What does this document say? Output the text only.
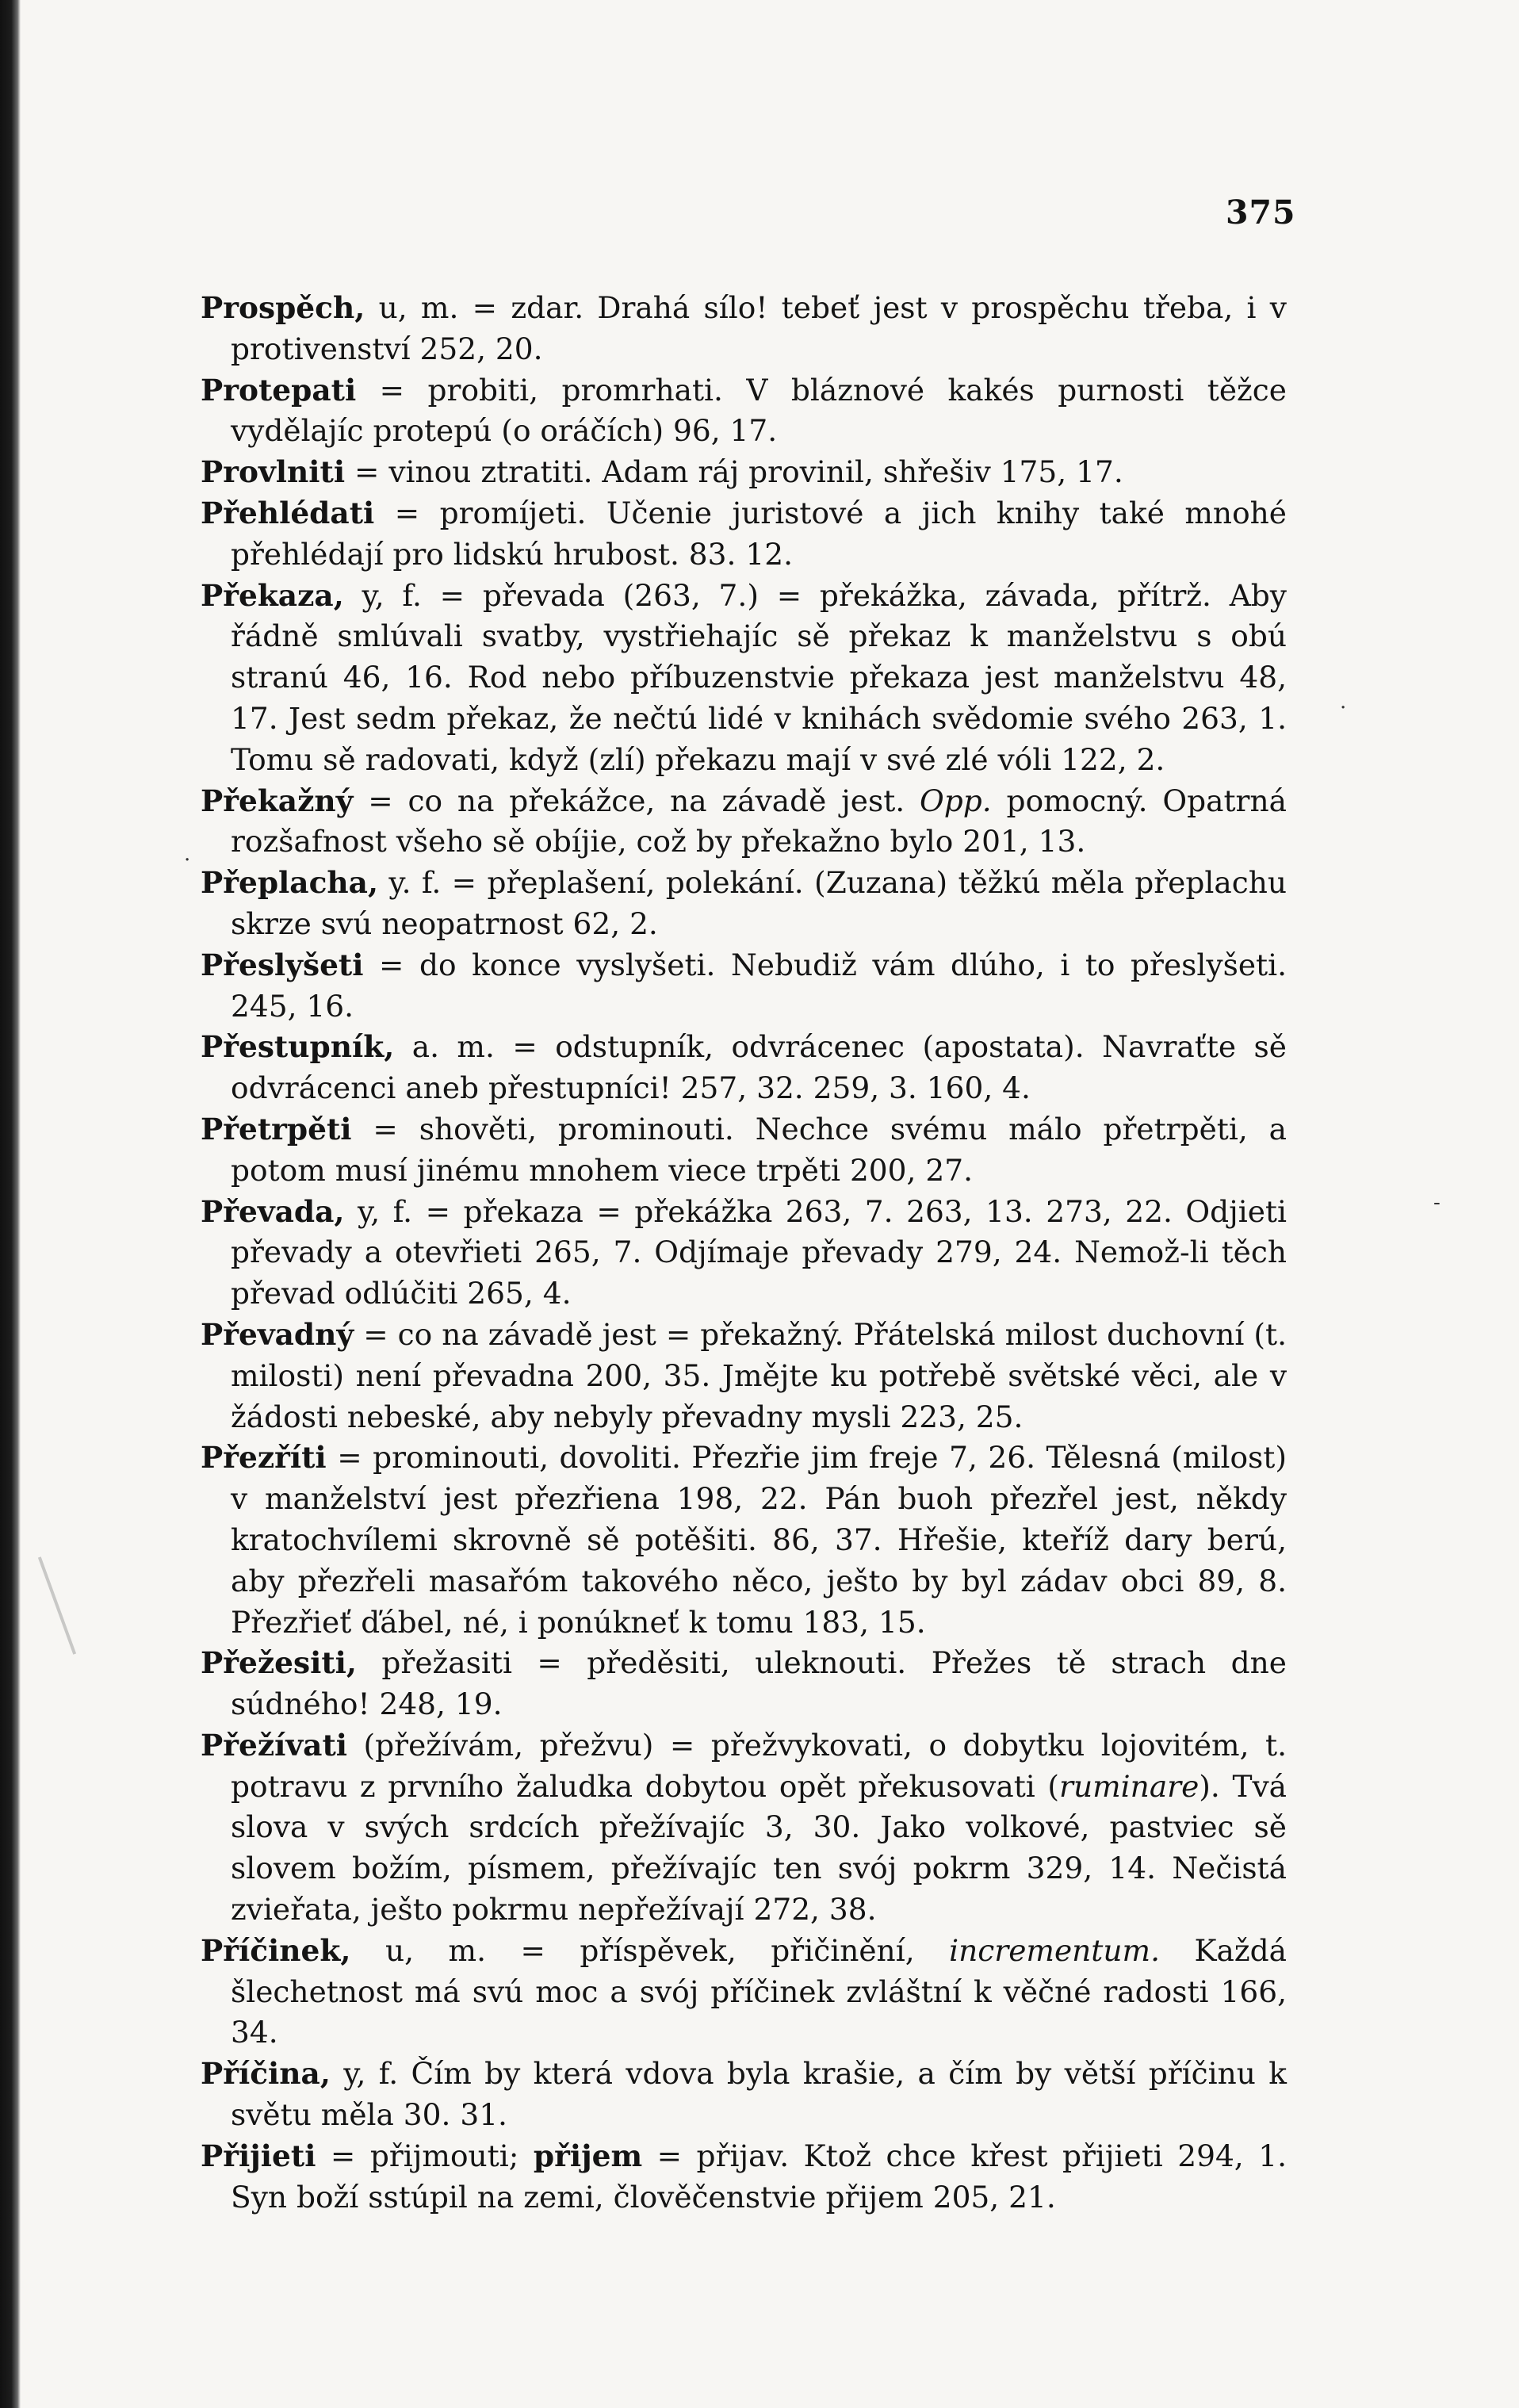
.
.
-
375

Prospěch, u, m. = zdar. Drahá sílo! tebeť jest v prospěchu třeba, i v protivenství 252, 20.

Protepati = probiti, promrhati. V bláznové kakés purnosti těžce vydělajíc protepú (o oráčích) 96, 17.

Provlniti = vinou ztratiti. Adam ráj provinil, shřešiv 175, 17.

Přehlédati = promíjeti. Učenie juristové a jich knihy také mnohé přehlédají pro lidskú hrubost. 83. 12.

Překaza, y, f. = převada (263, 7.) = překážka, závada, přítrž. Aby řádně smlúvali svatby, vystřiehajíc sě překaz k manželstvu s obú stranú 46, 16. Rod nebo příbuzenstvie překaza jest manželstvu 48, 17. Jest sedm překaz, že nečtú lidé v knihách svědomie svého 263, 1. Tomu sě radovati, když (zlí) překazu mají v své zlé vóli 122, 2.

Překažný = co na překážce, na závadě jest. Opp. pomocný. Opatrná rozšafnost všeho sě obíjie, což by překažno bylo 201, 13.

Přeplacha, y. f. = přeplašení, polekání. (Zuzana) těžkú měla přeplachu skrze svú neopatrnost 62, 2.

Přeslyšeti = do konce vyslyšeti. Nebudiž vám dlúho, i to přeslyšeti. 245, 16.

Přestupník, a. m. = odstupník, odvrácenec (apostata). Navraťte sě odvrácenci aneb přestupníci! 257, 32. 259, 3. 160, 4.

Přetrpěti = shověti, prominouti. Nechce svému málo přetrpěti, a potom musí jinému mnohem viece trpěti 200, 27.

Převada, y, f. = překaza = překážka 263, 7. 263, 13. 273, 22. Odjieti převady a otevřieti 265, 7. Odjímaje převady 279, 24. Nemož-li těch převad odlúčiti 265, 4.

Převadný = co na závadě jest = překažný. Přátelská milost duchovní (t. milosti) není převadna 200, 35. Jmějte ku potřebě světské věci, ale v žádosti nebeské, aby nebyly převadny mysli 223, 25.

Přezříti = prominouti, dovoliti. Přezřie jim freje 7, 26. Tělesná (milost) v manželství jest přezřiena 198, 22. Pán buoh přezřel jest, někdy kratochvílemi skrovně sě potěšiti. 86, 37. Hřešie, kteříž dary berú, aby přezřeli masařóm takového něco, ješto by byl zádav obci 89, 8. Přezřieť ďábel, né, i ponúkneť k tomu 183, 15.

Přežesiti, přežasiti = předěsiti, uleknouti. Přežes tě strach dne súdného! 248, 19.

Přežívati (přežívám, přežvu) = přežvykovati, o dobytku lojovitém, t. potravu z prvního žaludka dobytou opět překusovati (ruminare). Tvá slova v svých srdcích přežívajíc 3, 30. Jako volkové, pastviec sě slovem božím, písmem, přežívajíc ten svój pokrm 329, 14. Nečistá zvieřata, ješto pokrmu nepřežívají 272, 38.

Příčinek, u, m. = příspěvek, přičinění, incrementum. Každá šlechetnost má svú moc a svój příčinek zvláštní k věčné radosti 166, 34.

Příčina, y, f. Čím by která vdova byla krašie, a čím by větší příčinu k světu měla 30. 31.

Přijieti = přijmouti; přijem = přijav. Ktož chce křest přijieti 294, 1. Syn boží sstúpil na zemi, člověčenstvie přijem 205, 21.
